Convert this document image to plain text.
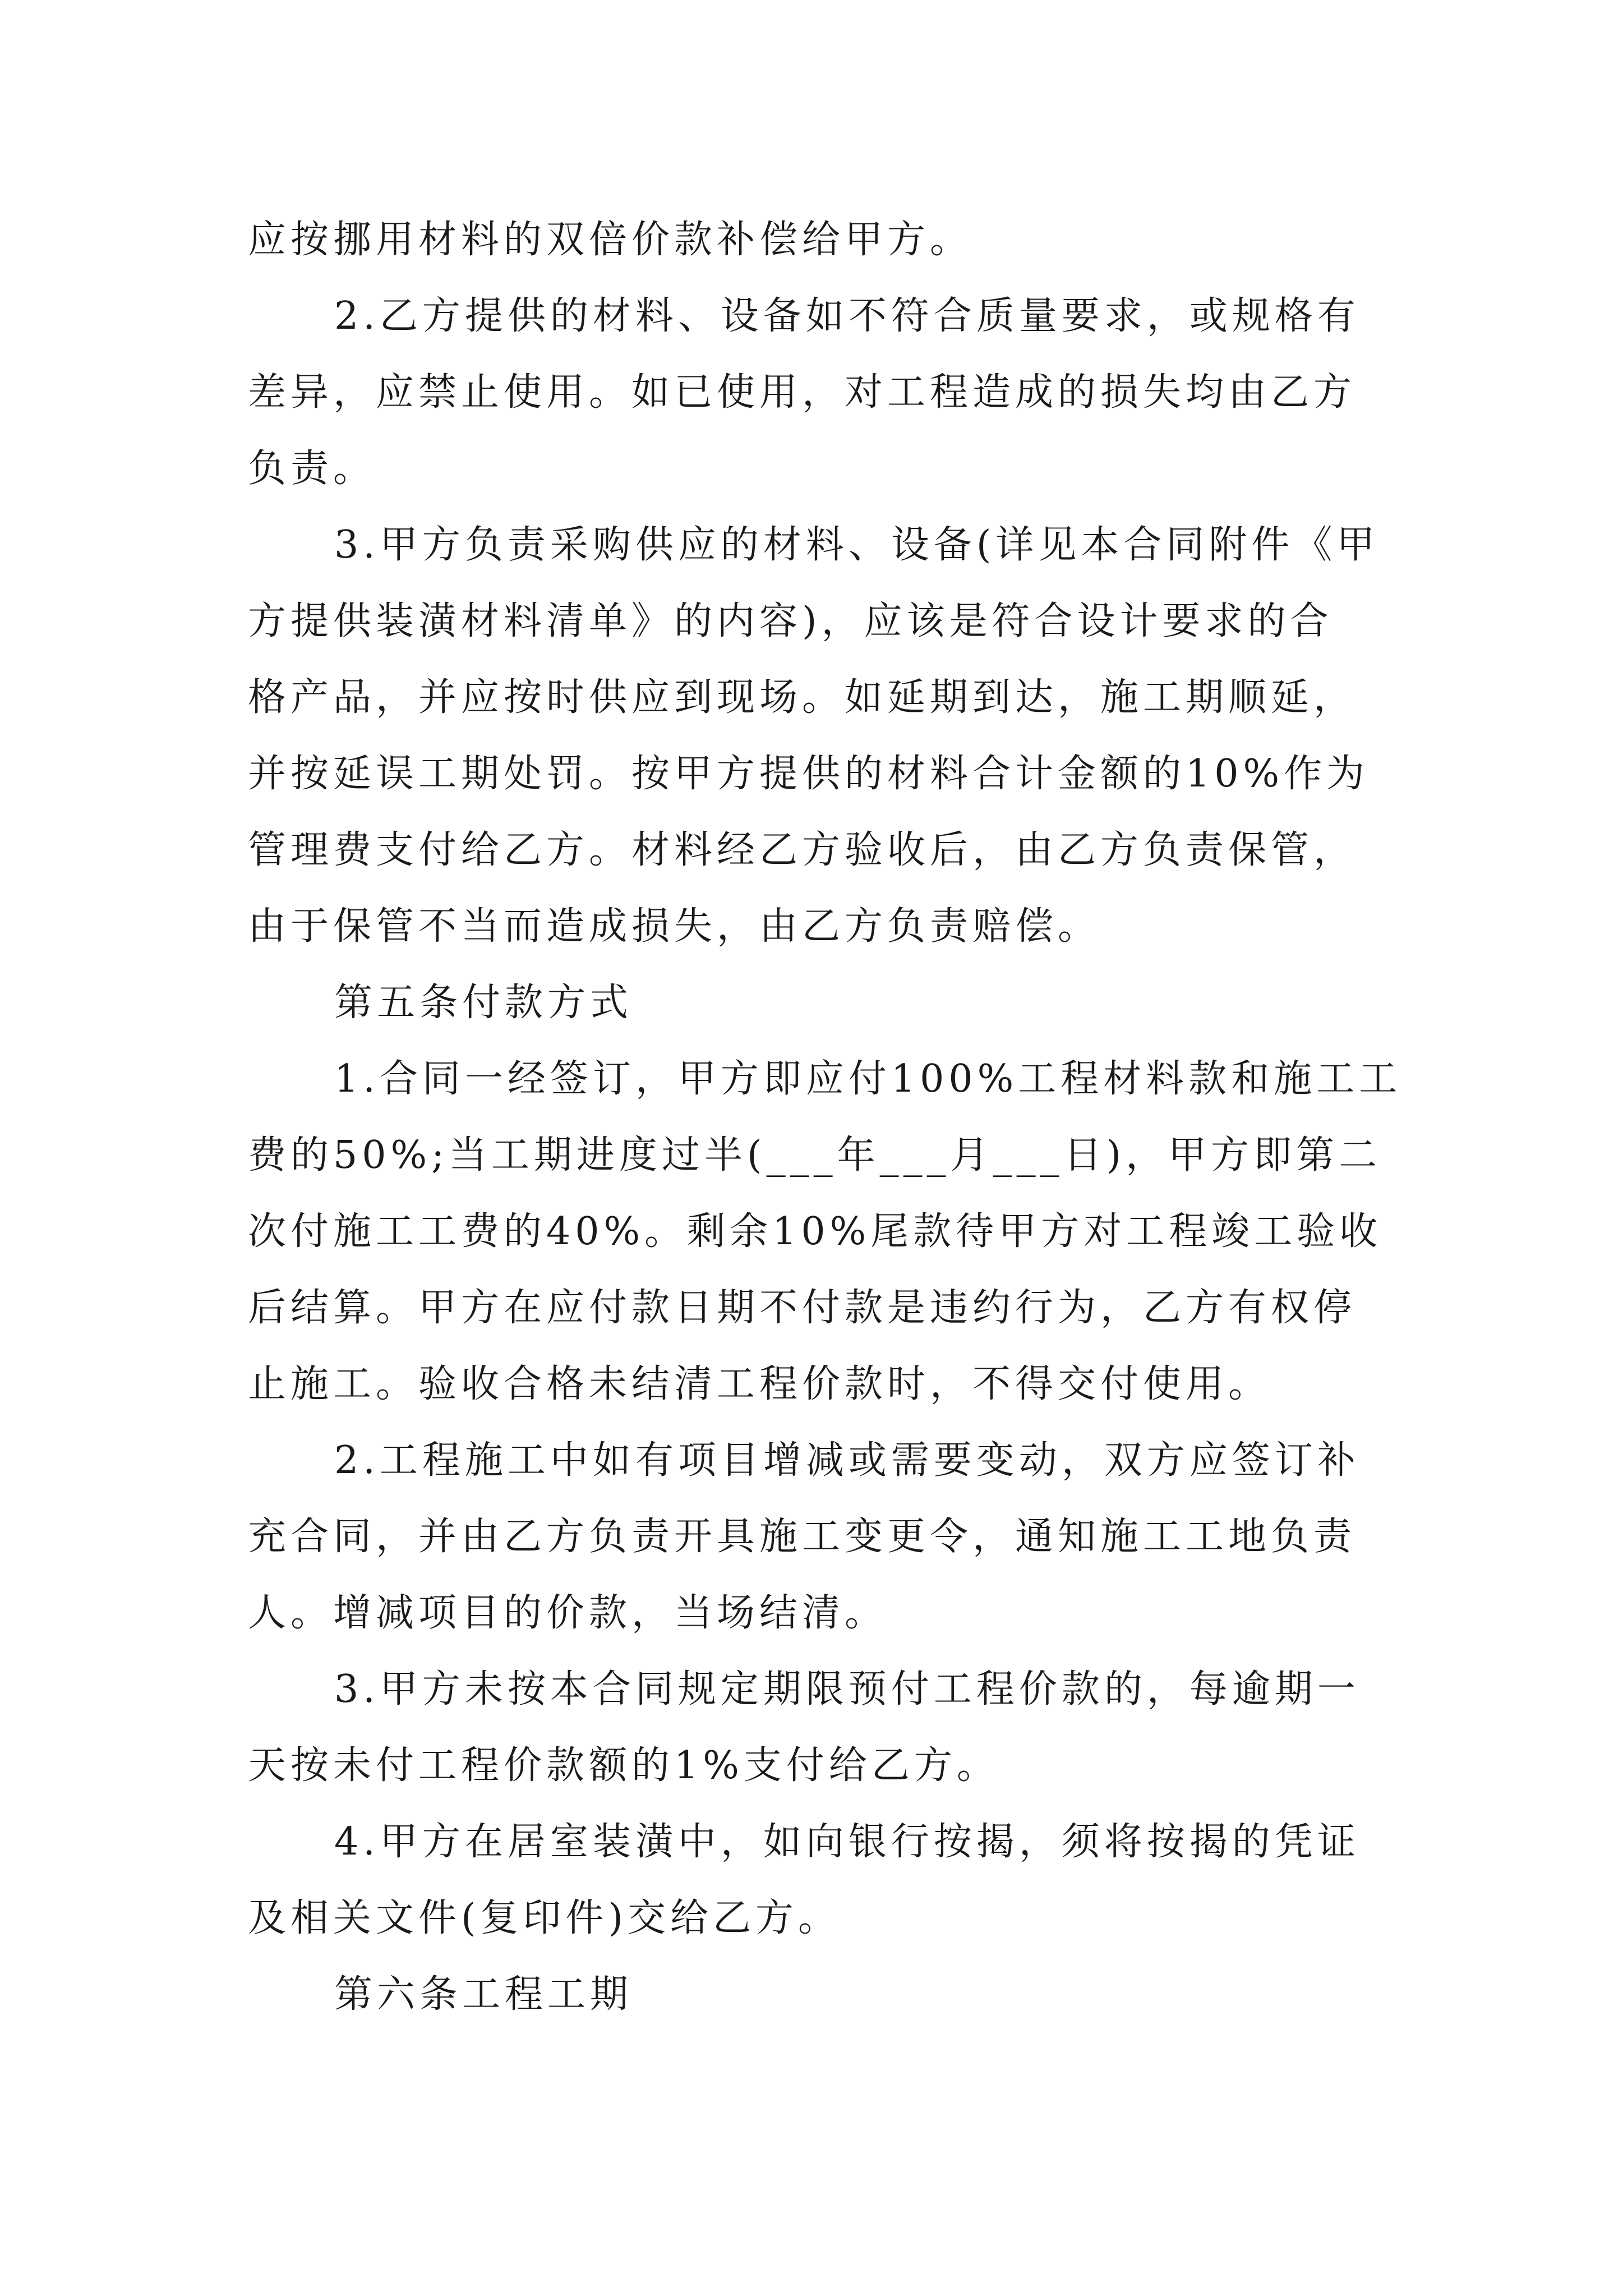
应按挪用材料的双倍价款补偿给甲方。
2.乙方提供的材料、设备如不符合质量要求，或规格有
差异，应禁止使用。如已使用，对工程造成的损失均由乙方
负责。
3.甲方负责采购供应的材料、设备(详见本合同附件《甲
方提供装潢材料清单》的内容)，应该是符合设计要求的合
格产品，并应按时供应到现场。如延期到达，施工期顺延，
并按延误工期处罚。按甲方提供的材料合计金额的10%作为
管理费支付给乙方。材料经乙方验收后，由乙方负责保管，
由于保管不当而造成损失，由乙方负责赔偿。
第五条付款方式
1.合同一经签订，甲方即应付100%工程材料款和施工工
费的50%;当工期进度过半(___年___月___日)，甲方即第二
次付施工工费的40%。剩余10%尾款待甲方对工程竣工验收
后结算。甲方在应付款日期不付款是违约行为，乙方有权停
止施工。验收合格未结清工程价款时，不得交付使用。
2.工程施工中如有项目增减或需要变动，双方应签订补
充合同，并由乙方负责开具施工变更令，通知施工工地负责
人。增减项目的价款，当场结清。
3.甲方未按本合同规定期限预付工程价款的，每逾期一
天按未付工程价款额的1%支付给乙方。
4.甲方在居室装潢中，如向银行按揭，须将按揭的凭证
及相关文件(复印件)交给乙方。
第六条工程工期
